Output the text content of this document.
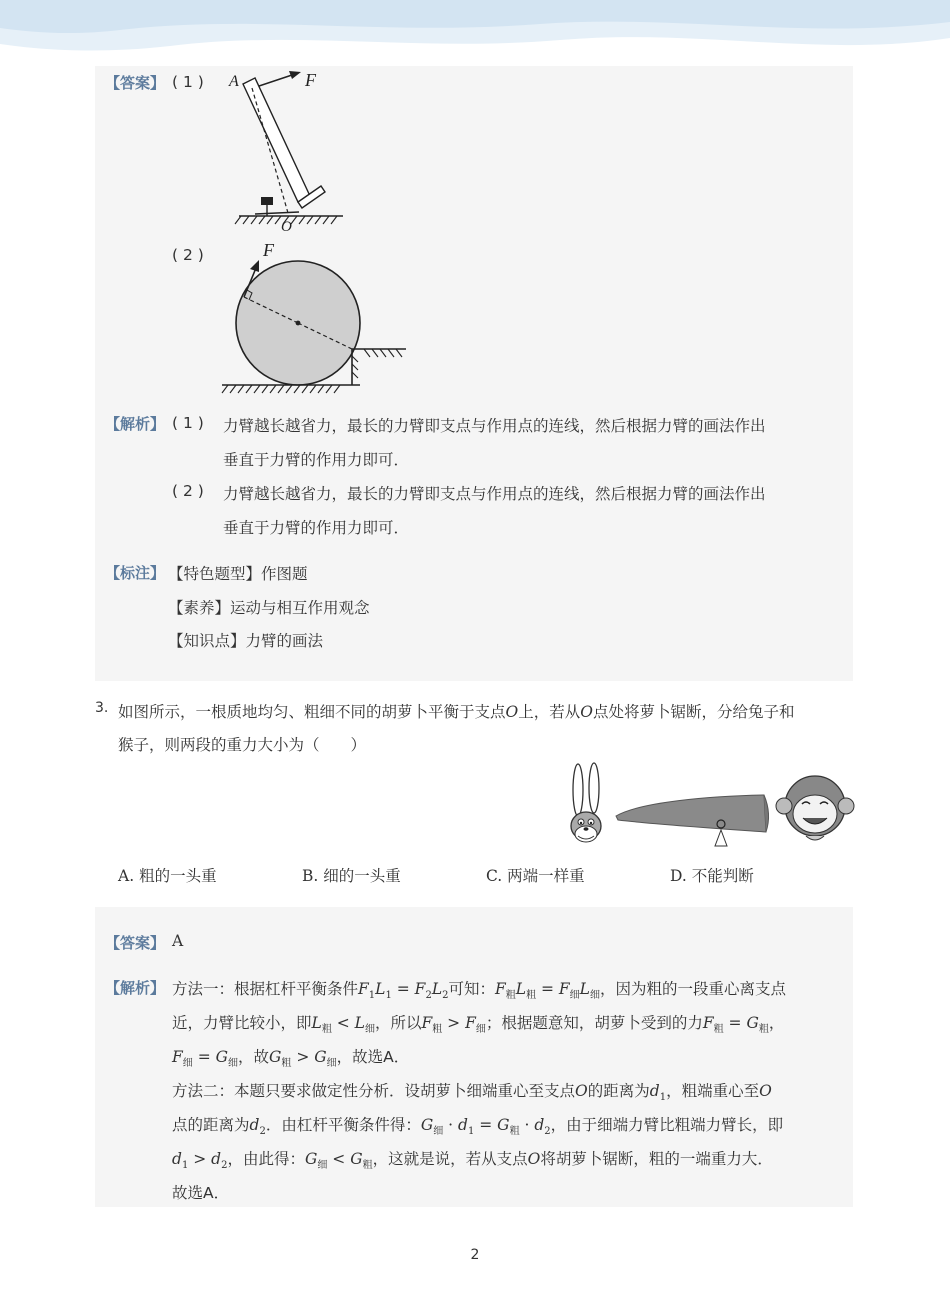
【答案】 ( 1 ) A	F
O
( 2 )	F
【解析】 ( 1 ) 力臂越长越省力，最长的力臂即支点与作用点的连线，然后根据力臂的画法作出
垂直于力臂的作用力即可．
( 2 ) 力臂越长越省力，最长的力臂即支点与作用点的连线，然后根据力臂的画法作出
垂直于力臂的作用力即可．
【标注】 【特色题型】作图题
【素养】运动与相互作用观念
【知识点】力臂的画法
3. 如图所示，一根质地均匀、粗细不同的胡萝卜平衡于支点O上，若从O点处将萝卜锯断，分给兔子和
猴子，则两段的重力大小为（　　）
A. 粗的一头重	B. 细的一头重	C. 两端一样重	D. 不能判断
【答案】 A
【解析】 方法一：根据杠杆平衡条件$F_1L_1 = F_2L_2$可知：$F_粗L_粗 = F_细L_细$，因为粗的一段重心离支点
近，力臂比较小，即$L_粗 < L_细$，所以$F_粗 > F_细$；根据题意知，胡萝卜受到的力$F_粗 = G_粗$，
$F_细 = G_细$，故$G_粗 > G_细$，故选A．
方法二：本题只要求做定性分析．设胡萝卜细端重心至支点O的距离为$d_1$，粗端重心至O
点的距离为$d_2$．由杠杆平衡条件得：$G_细 \cdot d_1 = G_粗 \cdot d_2$，由于细端力臂比粗端力臂长，即
$d_1 > d_2$，由此得：$G_细 < G_粗$，这就是说，若从支点O将胡萝卜锯断，粗的一端重力大．
故选A．
2
